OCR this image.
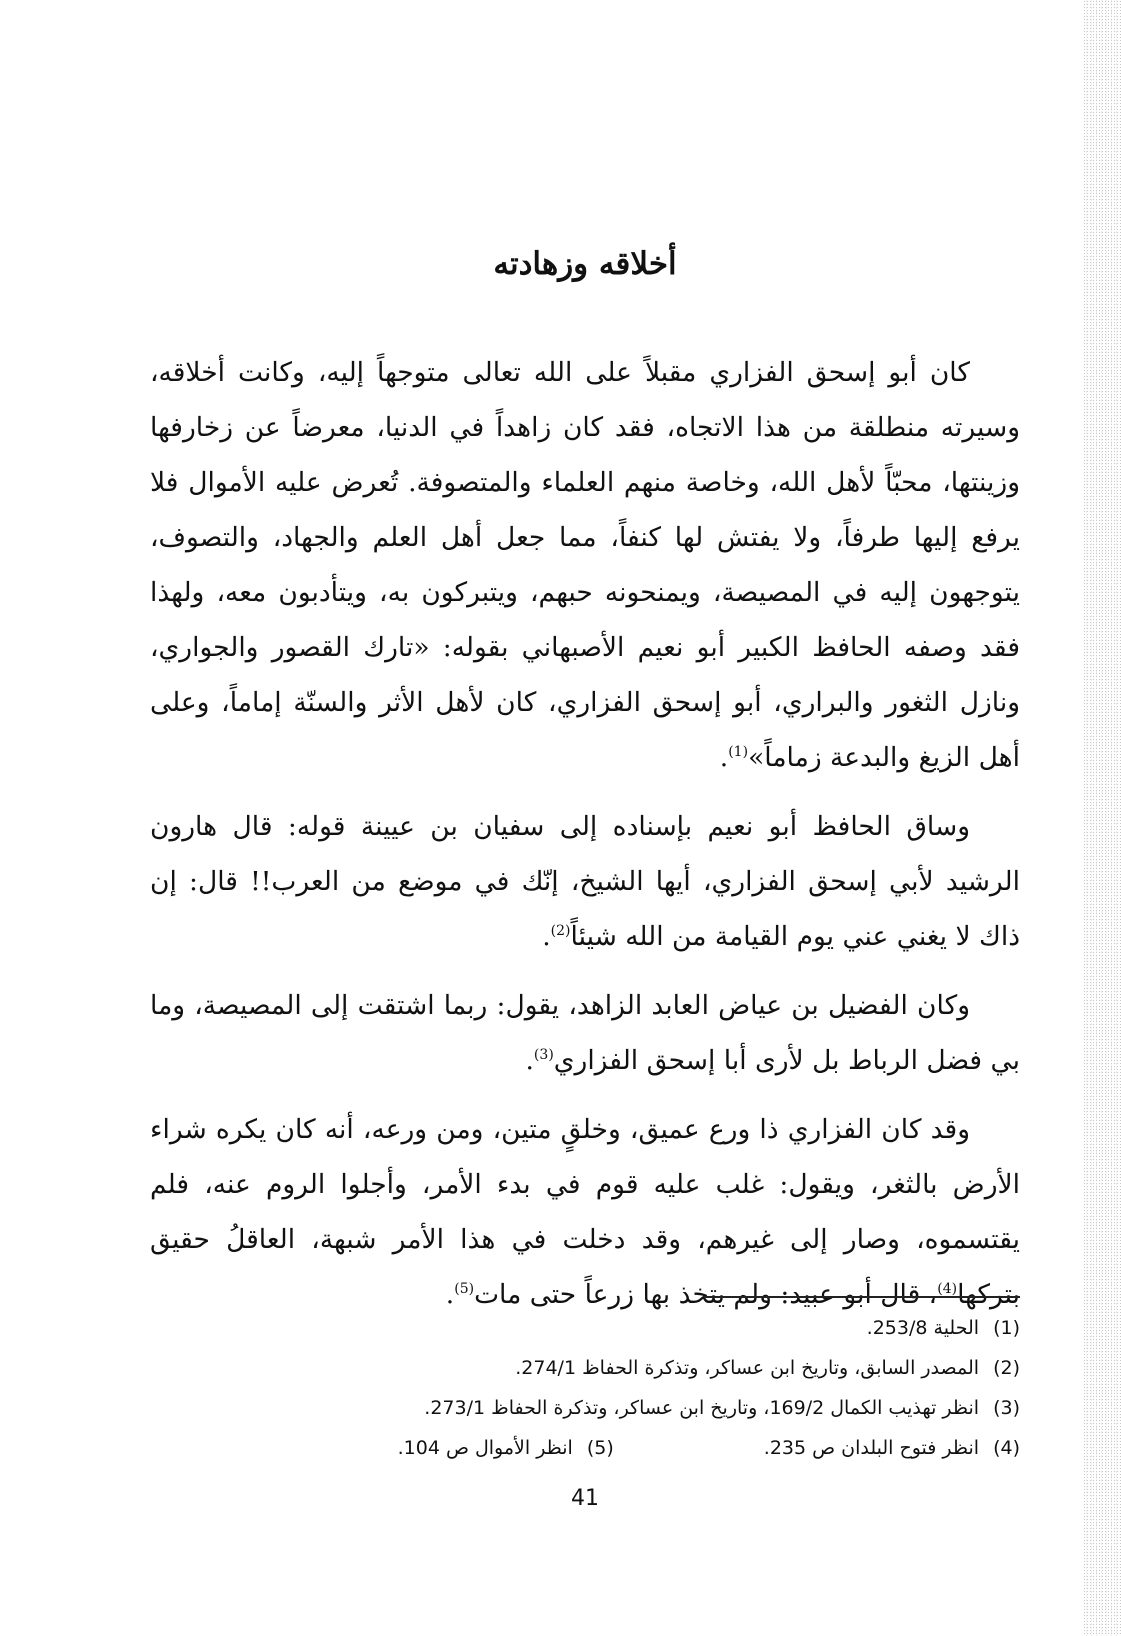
أخلاقه وزهادته

كان أبو إسحق الفزاري مقبلاً على الله تعالى متوجهاً إليه، وكانت أخلاقه، وسيرته منطلقة من هذا الاتجاه، فقد كان زاهداً في الدنيا، معرضاً عن زخارفها وزينتها، محبّاً لأهل الله، وخاصة منهم العلماء والمتصوفة. تُعرض عليه الأموال فلا يرفع إليها طرفاً، ولا يفتش لها كنفاً، مما جعل أهل العلم والجهاد، والتصوف، يتوجهون إليه في المصيصة، ويمنحونه حبهم، ويتبركون به، ويتأدبون معه، ولهذا فقد وصفه الحافظ الكبير أبو نعيم الأصبهاني بقوله: «تارك القصور والجواري، ونازل الثغور والبراري، أبو إسحق الفزاري، كان لأهل الأثر والسنّة إماماً، وعلى أهل الزيغ والبدعة زماماً»$^{(1)}$.

وساق الحافظ أبو نعيم بإسناده إلى سفيان بن عيينة قوله: قال هارون الرشيد لأبي إسحق الفزاري، أيها الشيخ، إنّك في موضع من العرب!! قال: إن ذاك لا يغني عني يوم القيامة من الله شيئاً$^{(2)}$.

وكان الفضيل بن عياض العابد الزاهد، يقول: ربما اشتقت إلى المصيصة، وما بي فضل الرباط بل لأرى أبا إسحق الفزاري$^{(3)}$.

وقد كان الفزاري ذا ورع عميق، وخلقٍ متين، ومن ورعه، أنه كان يكره شراء الأرض بالثغر، ويقول: غلب عليه قوم في بدء الأمر، وأجلوا الروم عنه، فلم يقتسموه، وصار إلى غيرهم، وقد دخلت في هذا الأمر شبهة، العاقلُ حقيق بتركها$^{(4)}$، قال أبو عبيد: ولم يتخذ بها زرعاً حتى مات$^{(5)}$.

(1)الحلية 253/8.

(2)المصدر السابق، وتاريخ ابن عساكر، وتذكرة الحفاظ 274/1.

(3)انظر تهذيب الكمال 169/2، وتاريخ ابن عساكر، وتذكرة الحفاظ 273/1.

(4)انظر فتوح البلدان ص 235.(5)انظر الأموال ص 104.

41
